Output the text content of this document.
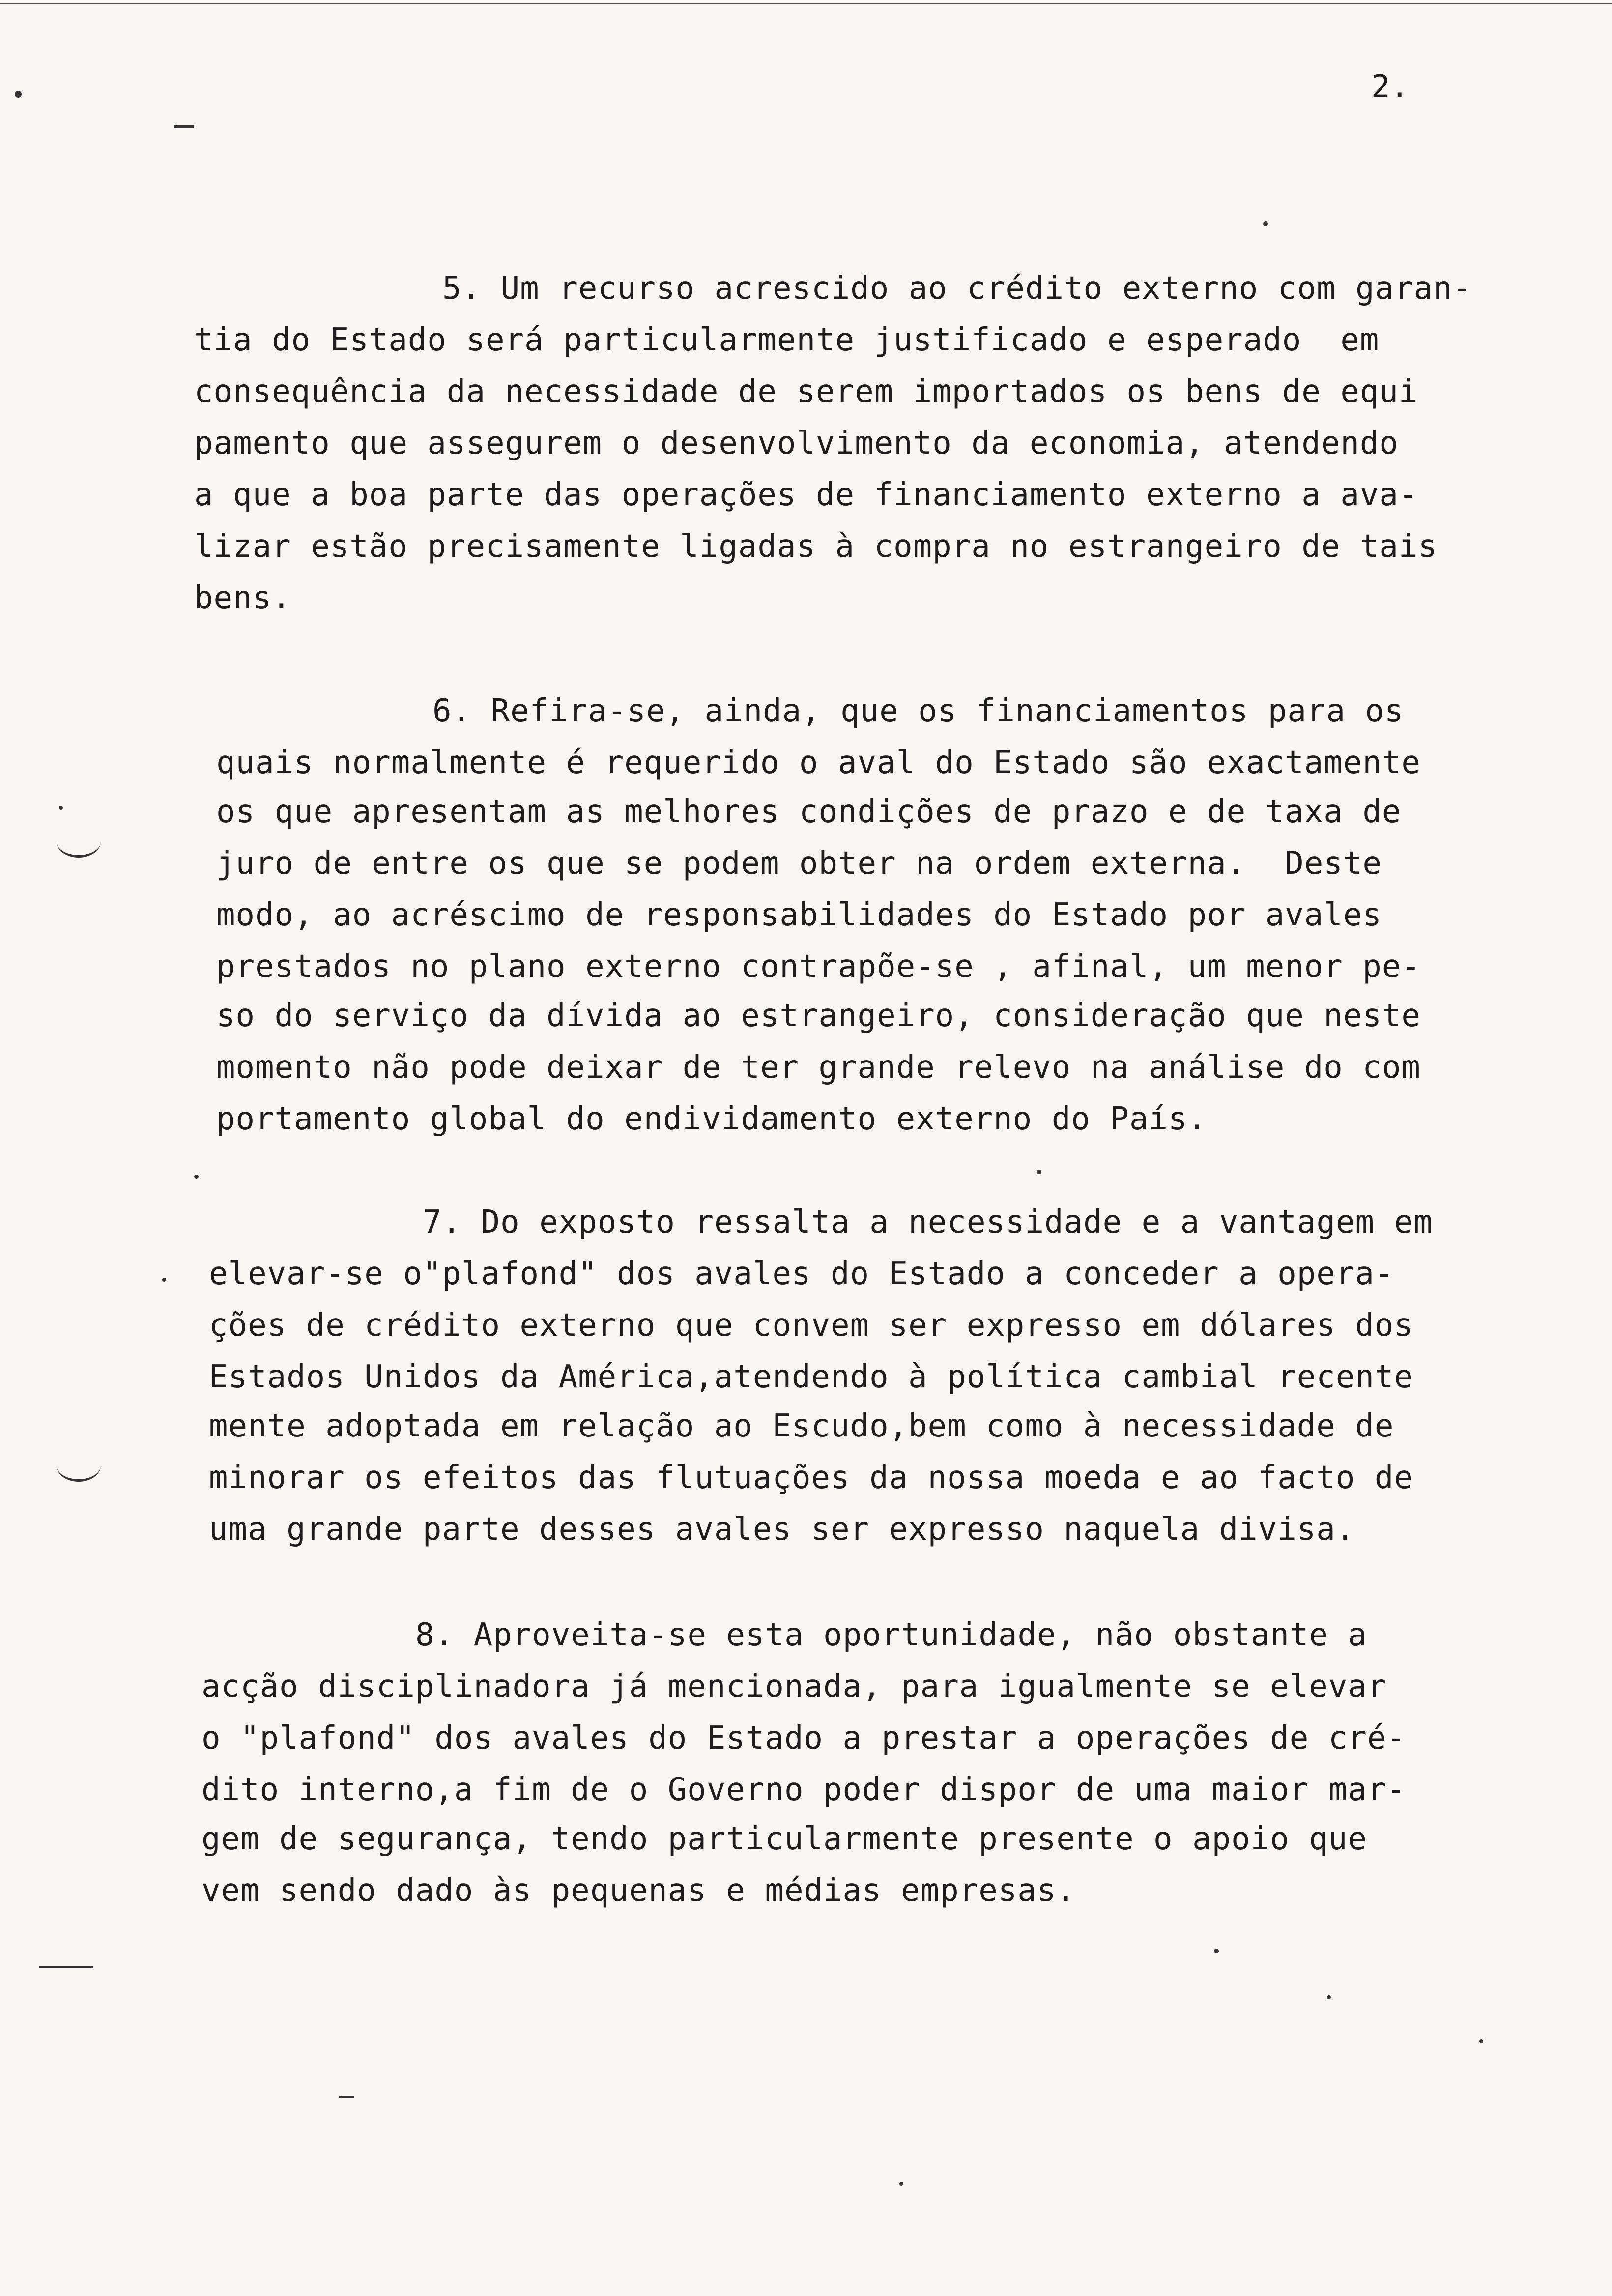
2.
5. Um recurso acrescido ao crédito externo com garan-
tia do Estado será particularmente justificado e esperado  em
consequência da necessidade de serem importados os bens de equi
pamento que assegurem o desenvolvimento da economia, atendendo
a que a boa parte das operações de financiamento externo a ava-
lizar estão precisamente ligadas à compra no estrangeiro de tais
bens.
6. Refira-se, ainda, que os financiamentos para os
quais normalmente é requerido o aval do Estado são exactamente
os que apresentam as melhores condições de prazo e de taxa de
juro de entre os que se podem obter na ordem externa.  Deste
modo, ao acréscimo de responsabilidades do Estado por avales
prestados no plano externo contrapõe-se , afinal, um menor pe-
so do serviço da dívida ao estrangeiro, consideração que neste
momento não pode deixar de ter grande relevo na análise do com
portamento global do endividamento externo do País.
7. Do exposto ressalta a necessidade e a vantagem em
elevar-se o"plafond" dos avales do Estado a conceder a opera-
ções de crédito externo que convem ser expresso em dólares dos
Estados Unidos da América,atendendo à política cambial recente
mente adoptada em relação ao Escudo,bem como à necessidade de
minorar os efeitos das flutuações da nossa moeda e ao facto de
uma grande parte desses avales ser expresso naquela divisa.
8. Aproveita-se esta oportunidade, não obstante a
acção disciplinadora já mencionada, para igualmente se elevar
o "plafond" dos avales do Estado a prestar a operações de cré-
dito interno,a fim de o Governo poder dispor de uma maior mar-
gem de segurança, tendo particularmente presente o apoio que
vem sendo dado às pequenas e médias empresas.
